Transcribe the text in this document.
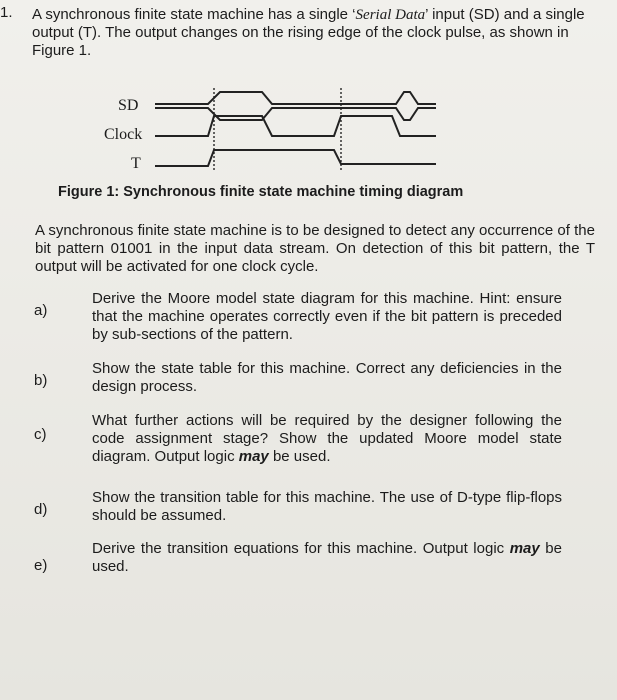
1. A synchronous finite state machine has a single ‘Serial Data’ input (SD) and a single output (T). The output changes on the rising edge of the clock pulse, as shown in Figure 1.
SD
Clock
T
Figure 1: Synchronous finite state machine timing diagram
A synchronous finite state machine is to be designed to detect any occurrence of the bit pattern 01001 in the input data stream. On detection of this bit pattern, the T output will be activated for one clock cycle.
a)
Derive the Moore model state diagram for this machine. Hint: ensure that the machine operates correctly even if the bit pattern is preceded by sub-sections of the pattern.
b)
Show the state table for this machine. Correct any deficiencies in the design process.
c)
What further actions will be required by the designer following the code assignment stage? Show the updated Moore model state diagram. Output logic may be used.
d)
Show the transition table for this machine. The use of D-type flip-flops should be assumed.
e)
Derive the transition equations for this machine. Output logic may be used.
